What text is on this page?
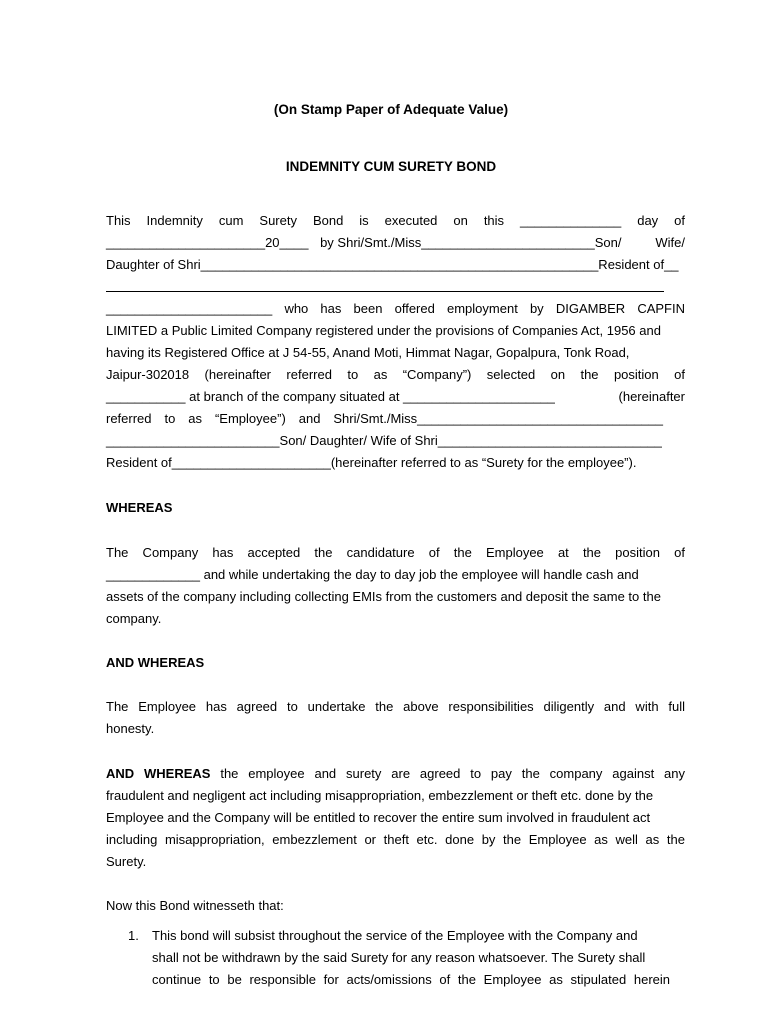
(On Stamp Paper of Adequate Value)
INDEMNITY CUM SURETY BOND
This Indemnity cum Surety Bond is executed on this ______________ day of
______________________20____ by Shri/Smt./Miss________________________Son/	Wife/
Daughter of Shri_______________________________________________________Resident of__
_______________________ who has been offered employment by DIGAMBER CAPFIN
LIMITED a Public Limited Company registered under the provisions of Companies Act, 1956 and
having its Registered Office at J 54-55, Anand Moti, Himmat Nagar, Gopalpura, Tonk Road,
Jaipur-302018 (hereinafter referred to as “Company”) selected on the position of
___________ at branch of the company situated at _____________________	(hereinafter
referred to as “Employee”) and Shri/Smt./Miss__________________________________
________________________Son/ Daughter/ Wife of Shri_______________________________
Resident of______________________(hereinafter referred to as “Surety for the employee”).
WHEREAS
The Company has accepted the candidature of the Employee at the position of
_____________ and while undertaking the day to day job the employee will handle cash and
assets of the company including collecting EMIs from the customers and deposit the same to the
company.
AND WHEREAS
The Employee has agreed to undertake the above responsibilities diligently and with full
honesty.
AND WHEREAS the employee and surety are agreed to pay the company against any
fraudulent and negligent act including misappropriation, embezzlement or theft etc. done by the
Employee and the Company will be entitled to recover the entire sum involved in fraudulent act
including misappropriation, embezzlement or theft etc. done by the Employee as well as the
Surety.
Now this Bond witnesseth that:
1. This bond will subsist throughout the service of the Employee with the Company and
shall not be withdrawn by the said Surety for any reason whatsoever. The Surety shall
continue to be responsible for acts/omissions of the Employee as stipulated herein
